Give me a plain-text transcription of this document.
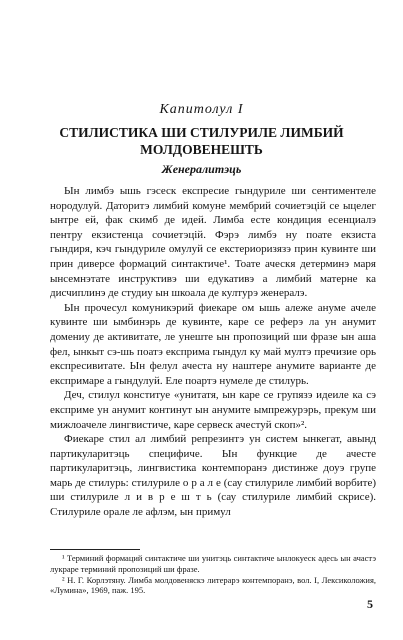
Капитолул I
СТИЛИСТИКА ШИ СТИЛУРИЛЕ ЛИМБИЙ МОЛДОВЕНЕШТЬ
Женералитэць

Ын лимбэ ышь гэсеск експресие гындуриле ши сентиментеле нородулуй. Даторитэ лимбий комуне мембрий сочиетэцій се ыцелег ынтре ей, фак скимб де идей. Лимба есте кондиция есенциалэ пентру екзистенца сочиетэцій. Фэрэ лимбэ ну поате екзиста гындиря, кэч гындуриле омулуй се екстериоризязэ прин кувинте ши прин диверсе формаций синтактиче¹. Тоате аческя детерминэ маря ынсемнэтате инструктивэ ши едукативэ а лимбий матерне ка дисчиплинэ де студиу ын шкоала де културэ женералэ.

Ын прочесул комуникэрий фиекаре ом ышь алеже ануме ачеле кувинте ши ымбинэрь де кувинте, каре се реферэ ла ун анумит домениу де активитате, ле унеште ын пропозиций ши фразе ын аша фел, ынкыт сэ-шь поатэ експрима гындул ку май мултэ пречизие орь експресивитате. Ын фелул ачеста ну наштере анумите варианте де експримаре а гындулуй. Еле поартэ нумеле де стилурь.

Деч, стилул конституе «унитатя, ын каре се групязэ идеиле ка сэ експриме ун анумит континут ын анумите ымпрежурэрь, прекум ши мижлоачеле лингвистиче, каре сервеск ачестуй скоп»².

Фиекаре стил ал лимбий репрезинтэ ун систем ынкегат, авынд партикуларитэць специфиче. Ын функцие де ачесте партикуларитэць, лингвистика контемпоранэ дистинже доуэ групе марь де стилурь: стилуриле о р а л е (сау стилуриле лимбий ворбите) ши стилуриле л и в р е ш т ь (сау стилуриле лимбий скрисе). Стилуриле орале ле афлэм, ын примул

¹ Терминий формаций синтактиче ши унитэць синтактиче ынлокуеск адесь ын ачастэ лукраре терминий пропозиций ши фразе.

² Н. Г. Корлэтяну. Лимба молдовеняскэ литерарэ контемпоранэ, вол. I, Лексиколожия, «Лумина», 1969, паж. 195.

5
